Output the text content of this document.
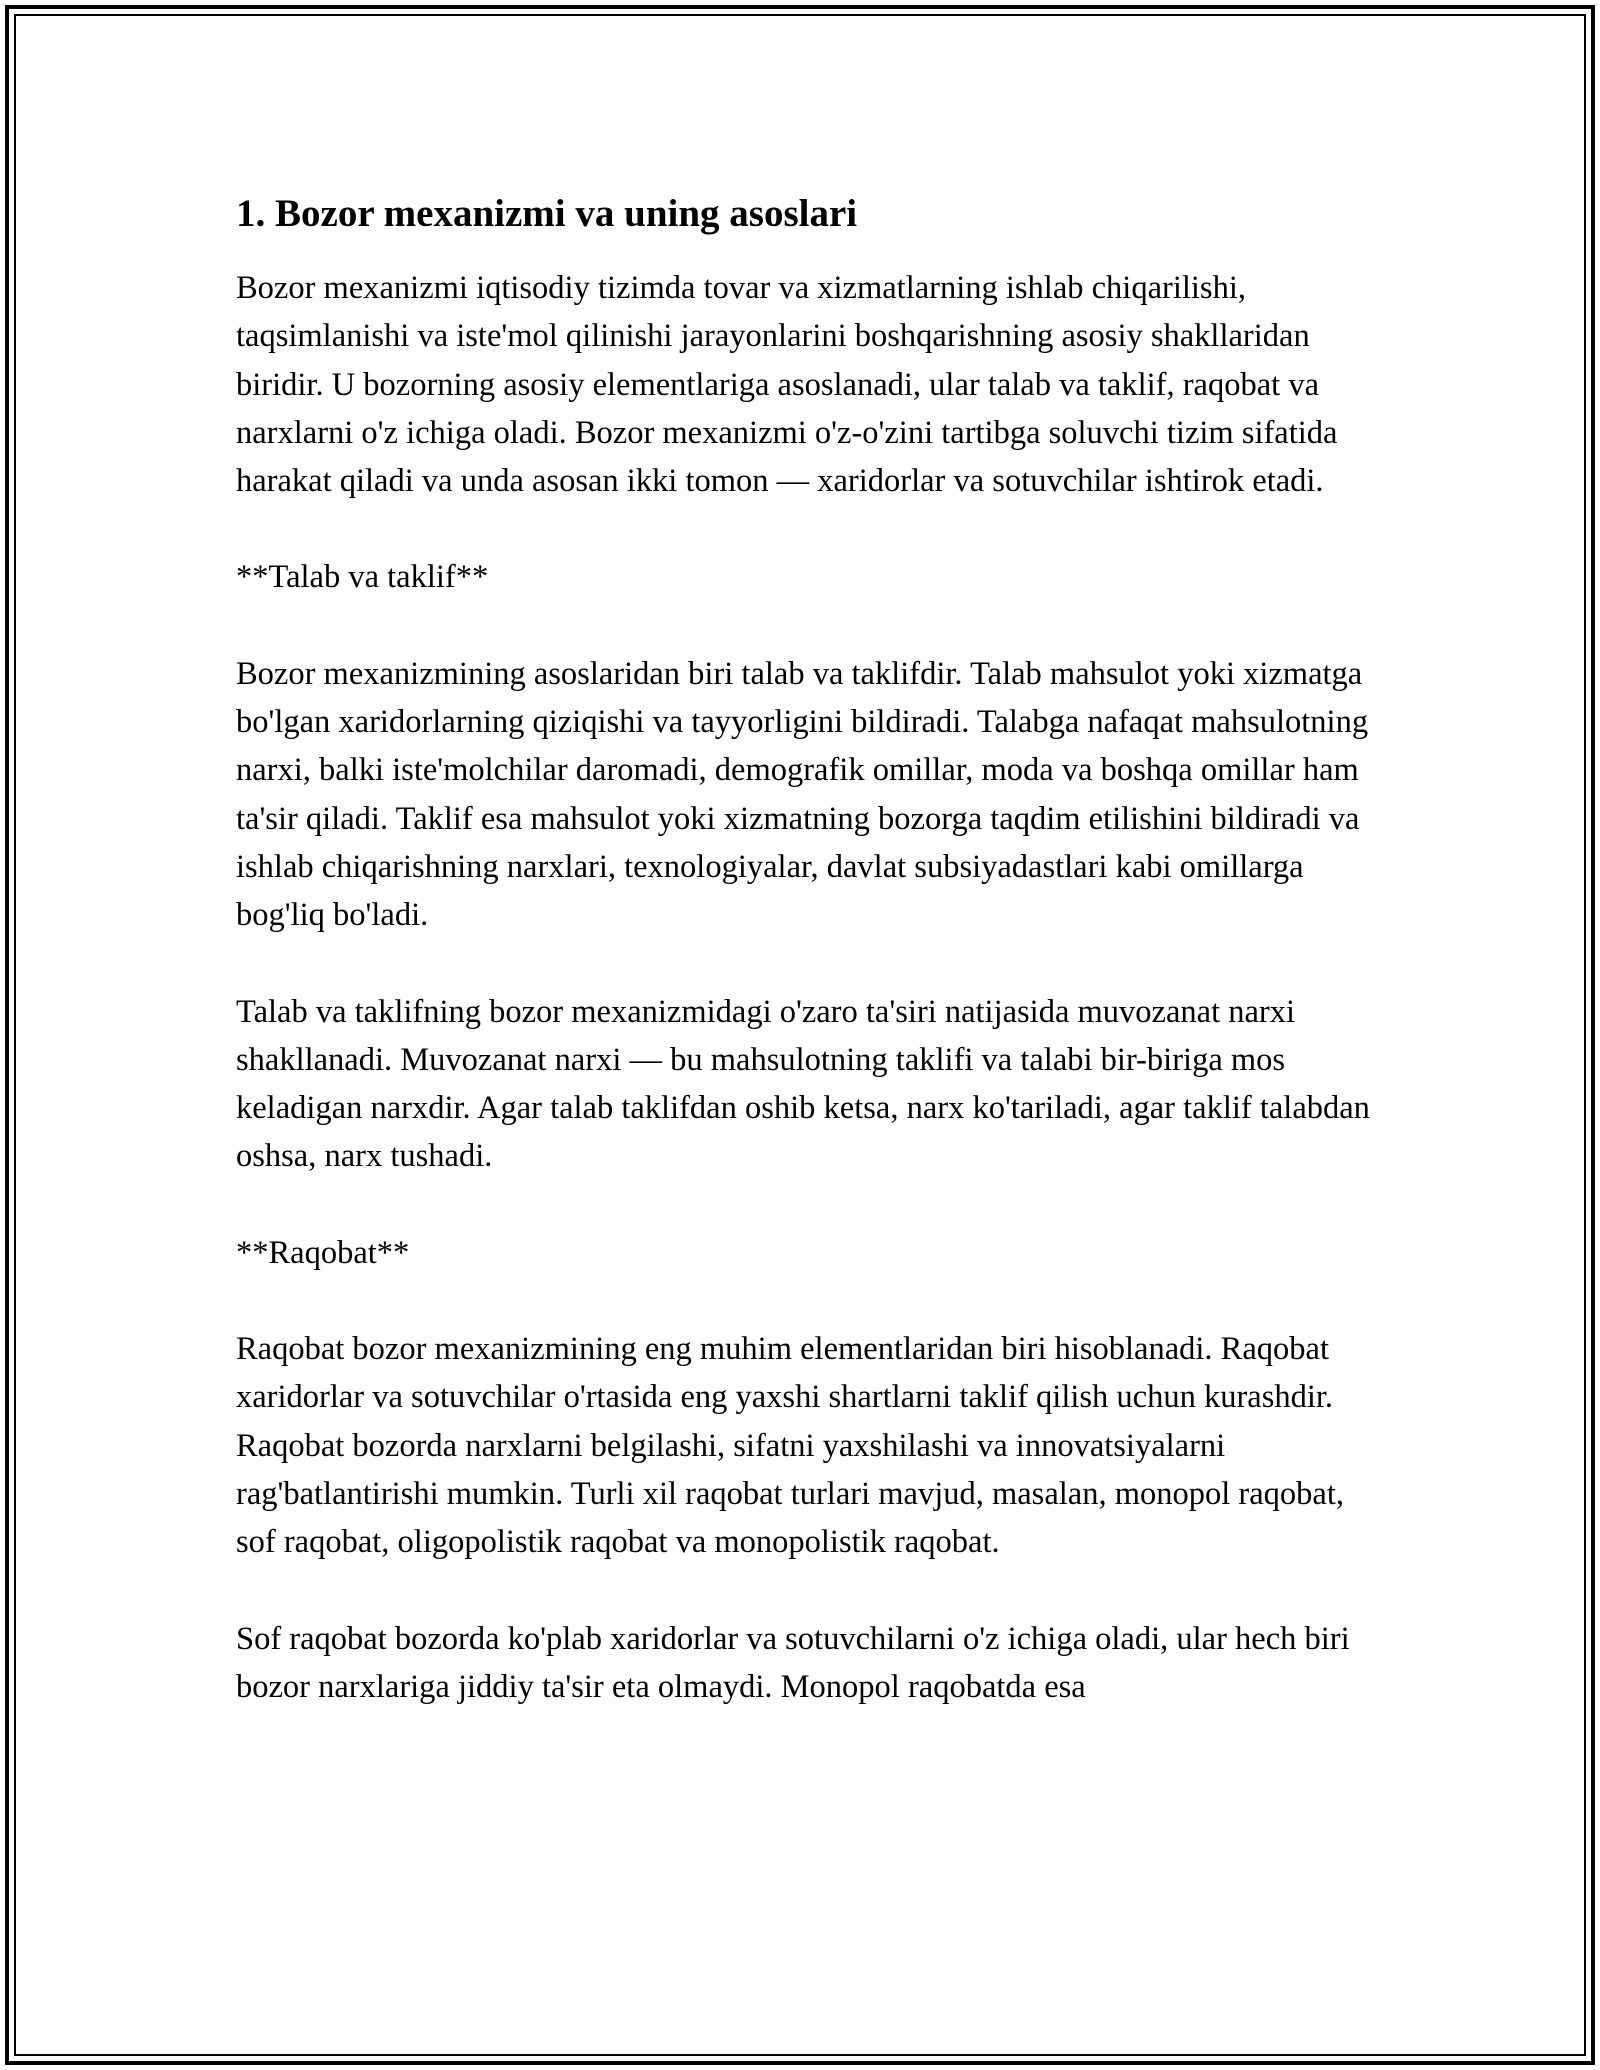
1. Bozor mexanizmi va uning asoslari

Bozor mexanizmi iqtisodiy tizimda tovar va xizmatlarning ishlab chiqarilishi, taqsimlanishi va iste'mol qilinishi jarayonlarini boshqarishning asosiy shakllaridan biridir. U bozorning asosiy elementlariga asoslanadi, ular talab va taklif, raqobat va narxlarni o'z ichiga oladi. Bozor mexanizmi o'z-o'zini tartibga soluvchi tizim sifatida harakat qiladi va unda asosan ikki tomon — xaridorlar va sotuvchilar ishtirok etadi.

**Talab va taklif**

Bozor mexanizmining asoslaridan biri talab va taklifdir. Talab mahsulot yoki xizmatga bo'lgan xaridorlarning qiziqishi va tayyorligini bildiradi. Talabga nafaqat mahsulotning narxi, balki iste'molchilar daromadi, demografik omillar, moda va boshqa omillar ham ta'sir qiladi. Taklif esa mahsulot yoki xizmatning bozorga taqdim etilishini bildiradi va ishlab chiqarishning narxlari, texnologiyalar, davlat subsiyadastlari kabi omillarga bog'liq bo'ladi.

Talab va taklifning bozor mexanizmidagi o'zaro ta'siri natijasida muvozanat narxi shakllanadi. Muvozanat narxi — bu mahsulotning taklifi va talabi bir-biriga mos keladigan narxdir. Agar talab taklifdan oshib ketsa, narx ko'tariladi, agar taklif talabdan oshsa, narx tushadi.

**Raqobat**

Raqobat bozor mexanizmining eng muhim elementlaridan biri hisoblanadi. Raqobat xaridorlar va sotuvchilar o'rtasida eng yaxshi shartlarni taklif qilish uchun kurashdir. Raqobat bozorda narxlarni belgilashi, sifatni yaxshilashi va innovatsiyalarni rag'batlantirishi mumkin. Turli xil raqobat turlari mavjud, masalan, monopol raqobat, sof raqobat, oligopolistik raqobat va monopolistik raqobat.

Sof raqobat bozorda ko'plab xaridorlar va sotuvchilarni o'z ichiga oladi, ular hech biri bozor narxlariga jiddiy ta'sir eta olmaydi. Monopol raqobatda esa
